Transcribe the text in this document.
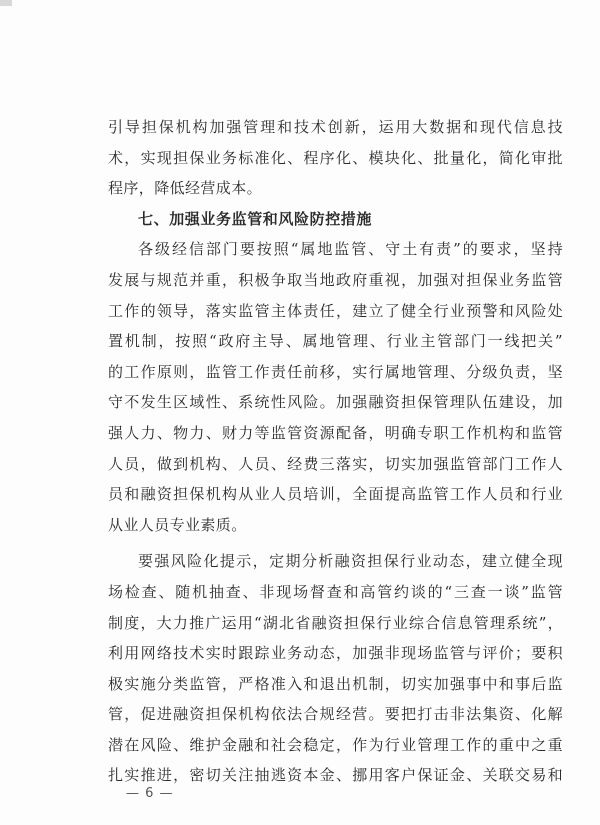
引导担保机构加强管理和技术创新，运用大数据和现代信息技
术，实现担保业务标准化、程序化、模块化、批量化，简化审批
程序，降低经营成本。
七、加强业务监管和风险防控措施
各级经信部门要按照“属地监管、守土有责”的要求，坚持
发展与规范并重，积极争取当地政府重视，加强对担保业务监管
工作的领导，落实监管主体责任，建立了健全行业预警和风险处
置机制，按照“政府主导、属地管理、行业主管部门一线把关”
的工作原则，监管工作责任前移，实行属地管理、分级负责，坚
守不发生区域性、系统性风险。加强融资担保管理队伍建设，加
强人力、物力、财力等监管资源配备，明确专职工作机构和监管
人员，做到机构、人员、经费三落实，切实加强监管部门工作人
员和融资担保机构从业人员培训，全面提高监管工作人员和行业
从业人员专业素质。
要强风险化提示，定期分析融资担保行业动态，建立健全现
场检查、随机抽查、非现场督查和高管约谈的“三查一谈”监管
制度，大力推广运用“湖北省融资担保行业综合信息管理系统”，
利用网络技术实时跟踪业务动态，加强非现场监管与评价；要积
极实施分类监管，严格准入和退出机制，切实加强事中和事后监
管，促进融资担保机构依法合规经营。要把打击非法集资、化解
潜在风险、维护金融和社会稳定，作为行业管理工作的重中之重
扎实推进，密切关注抽逃资本金、挪用客户保证金、关联交易和
— 6 —
